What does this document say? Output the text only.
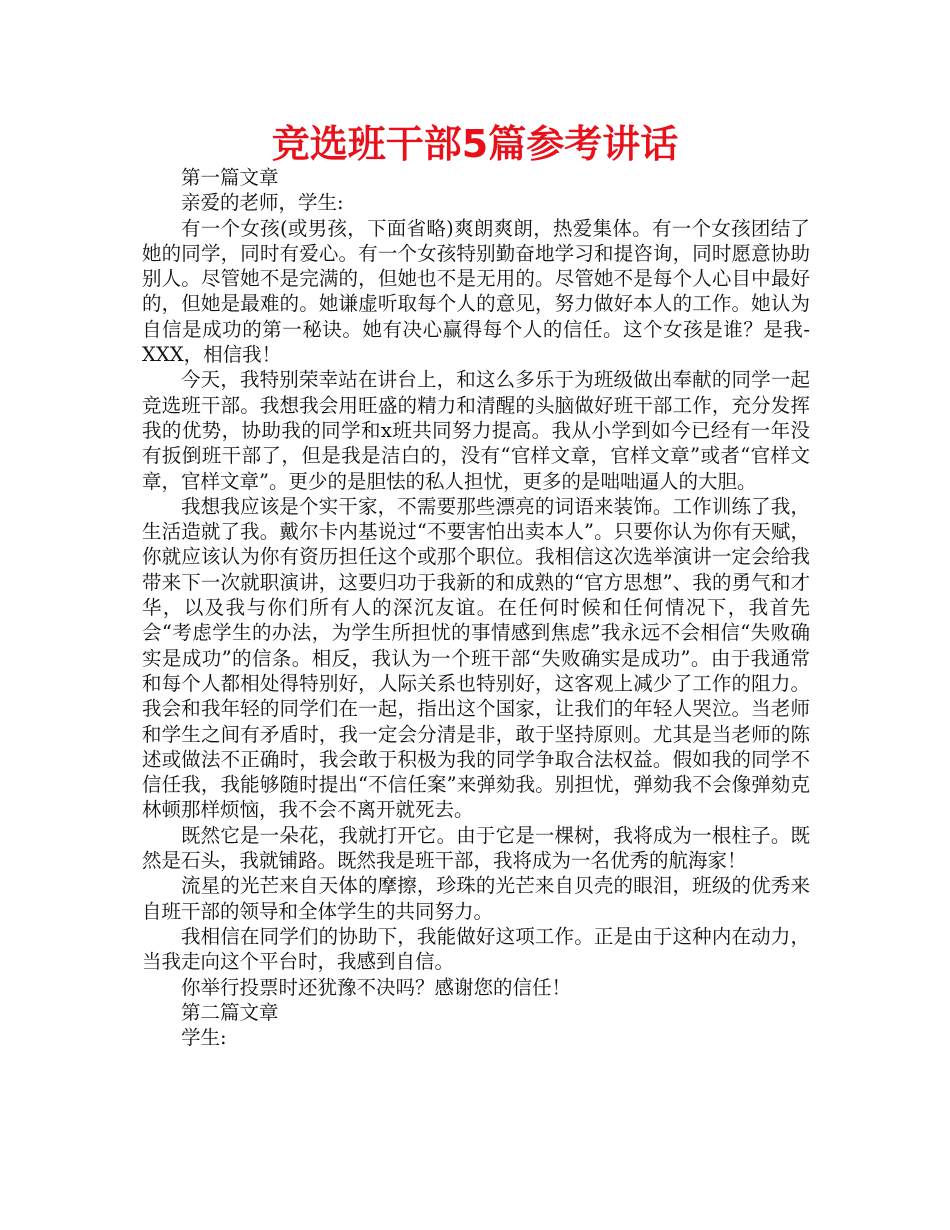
竞选班干部5篇参考讲话

第一篇文章

亲爱的老师，学生:

有一个女孩(或男孩，下面省略)爽朗爽朗，热爱集体。有一个女孩团结了她的同学，同时有爱心。有一个女孩特别勤奋地学习和提咨询，同时愿意协助别人。尽管她不是完满的，但她也不是无用的。尽管她不是每个人心目中最好的，但她是最难的。她谦虚听取每个人的意见，努力做好本人的工作。她认为自信是成功的第一秘诀。她有决心赢得每个人的信任。这个女孩是谁？是我-XXX，相信我！

今天，我特别荣幸站在讲台上，和这么多乐于为班级做出奉献的同学一起竞选班干部。我想我会用旺盛的精力和清醒的头脑做好班干部工作，充分发挥我的优势，协助我的同学和x班共同努力提高。我从小学到如今已经有一年没有扳倒班干部了，但是我是洁白的，没有“官样文章，官样文章”或者“官样文章，官样文章”。更少的是胆怯的私人担忧，更多的是咄咄逼人的大胆。

我想我应该是个实干家，不需要那些漂亮的词语来装饰。工作训练了我，生活造就了我。戴尔卡内基说过“不要害怕出卖本人”。只要你认为你有天赋，你就应该认为你有资历担任这个或那个职位。我相信这次选举演讲一定会给我带来下一次就职演讲，这要归功于我新的和成熟的“官方思想”、我的勇气和才华，以及我与你们所有人的深沉友谊。在任何时候和任何情况下，我首先会“考虑学生的办法，为学生所担忧的事情感到焦虑”我永远不会相信“失败确实是成功”的信条。相反，我认为一个班干部“失败确实是成功”。由于我通常和每个人都相处得特别好，人际关系也特别好，这客观上减少了工作的阻力。我会和我年轻的同学们在一起，指出这个国家，让我们的年轻人哭泣。当老师和学生之间有矛盾时，我一定会分清是非，敢于坚持原则。尤其是当老师的陈述或做法不正确时，我会敢于积极为我的同学争取合法权益。假如我的同学不信任我，我能够随时提出“不信任案”来弹劾我。别担忧，弹劾我不会像弹劾克林顿那样烦恼，我不会不离开就死去。

既然它是一朵花，我就打开它。由于它是一棵树，我将成为一根柱子。既然是石头，我就铺路。既然我是班干部，我将成为一名优秀的航海家！

流星的光芒来自天体的摩擦，珍珠的光芒来自贝壳的眼泪，班级的优秀来自班干部的领导和全体学生的共同努力。

我相信在同学们的协助下，我能做好这项工作。正是由于这种内在动力，当我走向这个平台时，我感到自信。

你举行投票时还犹豫不决吗？感谢您的信任！

第二篇文章

学生:
